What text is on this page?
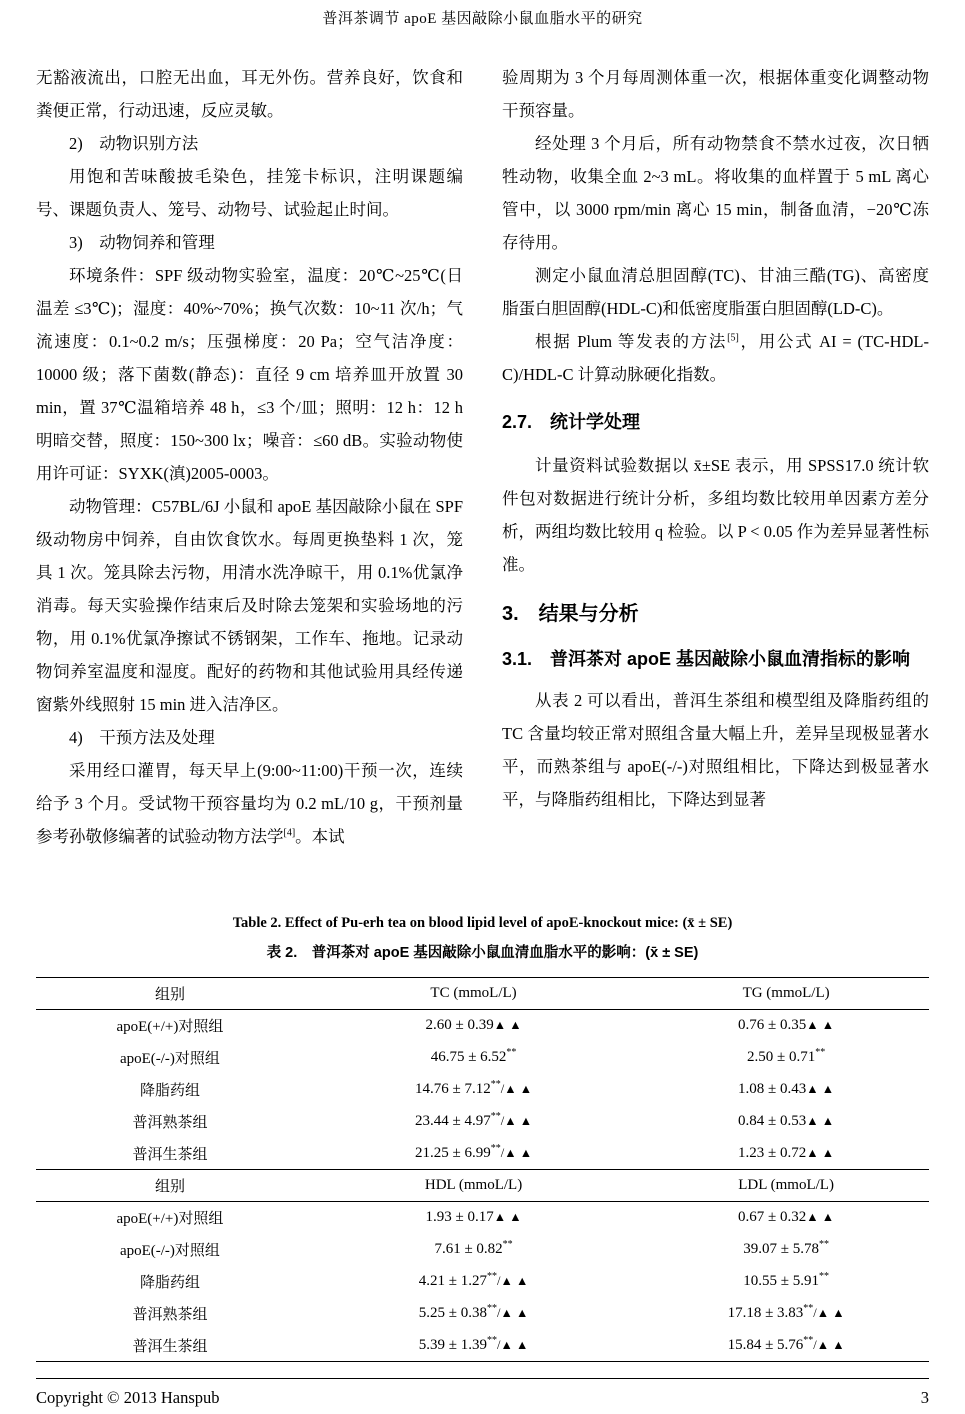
普洱茶调节 apoE 基因敲除小鼠血脂水平的研究

无豁液流出，口腔无出血，耳无外伤。营养良好，饮食和粪便正常，行动迅速，反应灵敏。

2)　动物识别方法

用饱和苦味酸披毛染色，挂笼卡标识，注明课题编号、课题负责人、笼号、动物号、试验起止时间。

3)　动物饲养和管理

环境条件：SPF 级动物实验室，温度：20℃~25℃(日温差 ≤3℃)；湿度：40%~70%；换气次数：10~11 次/h；气流速度：0.1~0.2 m/s；压强梯度：20 Pa；空气洁净度：10000 级；落下菌数(静态)：直径 9 cm 培养皿开放置 30 min，置 37℃温箱培养 48 h，≤3 个/皿；照明：12 h：12 h 明暗交替，照度：150~300 lx；噪音：≤60 dB。实验动物使用许可证：SYXK(滇)2005-0003。

动物管理：C57BL/6J 小鼠和 apoE 基因敲除小鼠在 SPF 级动物房中饲养，自由饮食饮水。每周更换垫料 1 次，笼具 1 次。笼具除去污物，用清水洗净晾干，用 0.1%优氯净消毒。每天实验操作结束后及时除去笼架和实验场地的污物，用 0.1%优氯净擦试不锈钢架，工作车、拖地。记录动物饲养室温度和湿度。配好的药物和其他试验用具经传递窗紫外线照射 15 min 进入洁净区。

4)　干预方法及处理

采用经口灌胃，每天早上(9:00~11:00)干预一次，连续给予 3 个月。受试物干预容量均为 0.2 mL/10 g，干预剂量参考孙敬修编著的试验动物方法学[4]。本试

验周期为 3 个月每周测体重一次，根据体重变化调整动物干预容量。

经处理 3 个月后，所有动物禁食不禁水过夜，次日牺牲动物，收集全血 2~3 mL。将收集的血样置于 5 mL 离心管中，以 3000 rpm/min 离心 15 min，制备血清，−20℃冻存待用。

测定小鼠血清总胆固醇(TC)、甘油三酷(TG)、高密度脂蛋白胆固醇(HDL-C)和低密度脂蛋白胆固醇(LD-C)。

根据 Plum 等发表的方法[5]，用公式 AI = (TC-HDL-C)/HDL-C 计算动脉硬化指数。

2.7.　统计学处理

计量资料试验数据以 x̄±SE 表示，用 SPSS17.0 统计软件包对数据进行统计分析，多组均数比较用单因素方差分析，两组均数比较用 q 检验。以 P < 0.05 作为差异显著性标准。

3.　结果与分析
3.1.　普洱茶对 apoE 基因敲除小鼠血清指标的影响

从表 2 可以看出，普洱生茶组和模型组及降脂药组的 TC 含量均较正常对照组含量大幅上升，差异呈现极显著水平，而熟茶组与 apoE(-/-)对照组相比，下降达到极显著水平，与降脂药组相比，下降达到显著

Table 2. Effect of Pu-erh tea on blood lipid level of apoE-knockout mice: (x̄ ± SE)
表 2.　普洱茶对 apoE 基因敲除小鼠血清血脂水平的影响：(x̄ ± SE)
组别	TC (mmoL/L)	TG (mmoL/L)
apoE(+/+)对照组	2.60 ± 0.39▲ ▲	0.76 ± 0.35▲ ▲
apoE(-/-)对照组	46.75 ± 6.52**	2.50 ± 0.71**
降脂药组	14.76 ± 7.12**/▲ ▲	1.08 ± 0.43▲ ▲
普洱熟茶组	23.44 ± 4.97**/▲ ▲	0.84 ± 0.53▲ ▲
普洱生茶组	21.25 ± 6.99**/▲ ▲	1.23 ± 0.72▲ ▲
组别	HDL (mmoL/L)	LDL (mmoL/L)
apoE(+/+)对照组	1.93 ± 0.17▲ ▲	0.67 ± 0.32▲ ▲
apoE(-/-)对照组	7.61 ± 0.82**	39.07 ± 5.78**
降脂药组	4.21 ± 1.27**/▲ ▲	10.55 ± 5.91**
普洱熟茶组	5.25 ± 0.38**/▲ ▲	17.18 ± 3.83**/▲ ▲
普洱生茶组	5.39 ± 1.39**/▲ ▲	15.84 ± 5.76**/▲ ▲
Copyright © 2013 Hanspub	3
